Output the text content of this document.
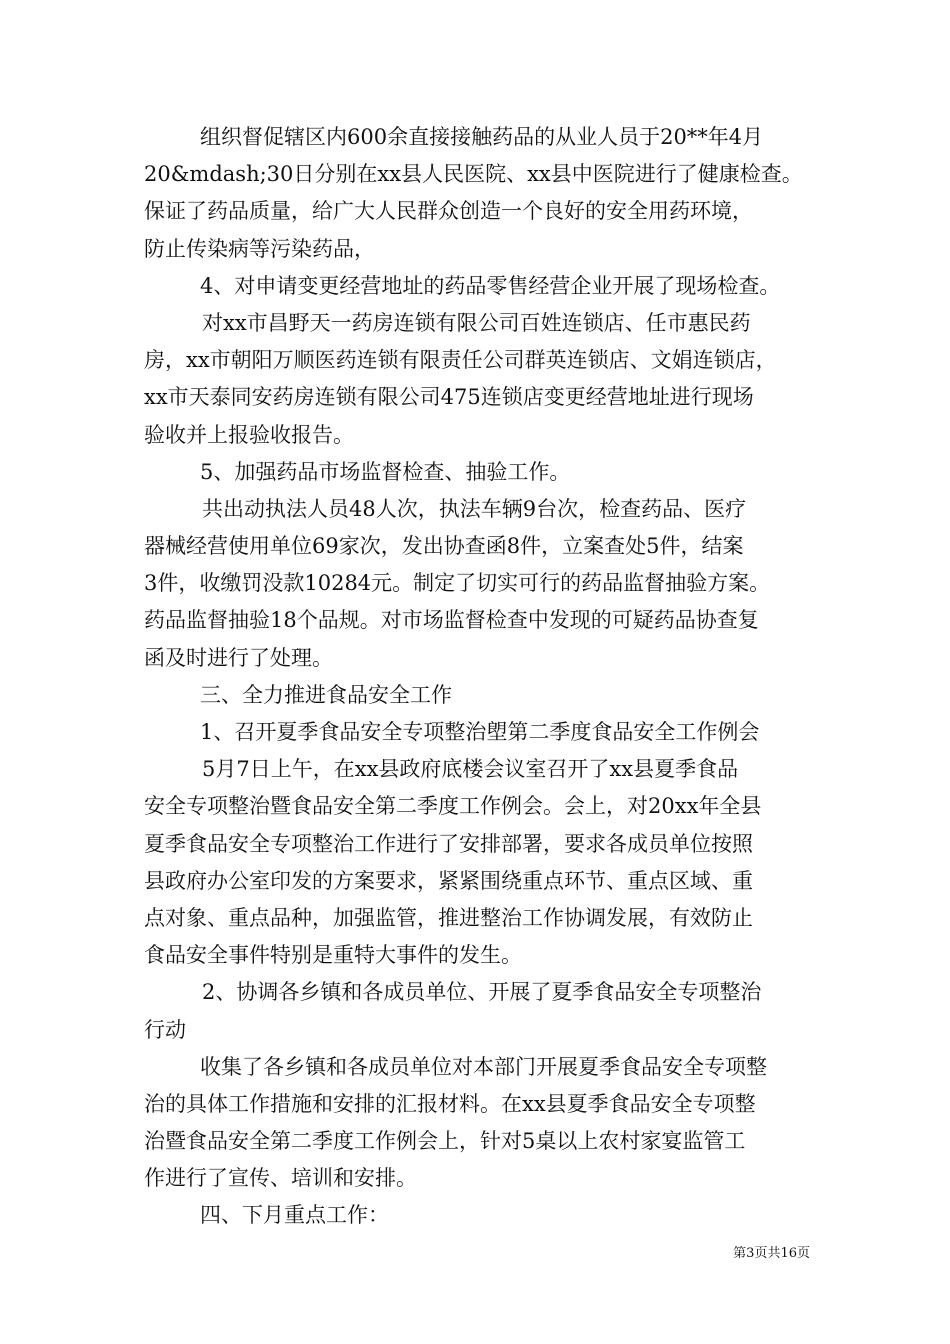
组织督促辖区内600余直接接触药品的从业人员于20**年4月
20&mdash;30日分别在xx县人民医院、xx县中医院进行了健康检查。
保证了药品质量，给广大人民群众创造一个良好的安全用药环境，
防止传染病等污染药品，
4、对申请变更经营地址的药品零售经营企业开展了现场检查。
对xx市昌野天一药房连锁有限公司百姓连锁店、任市惠民药
房，xx市朝阳万顺医药连锁有限责任公司群英连锁店、文娟连锁店，
xx市天泰同安药房连锁有限公司475连锁店变更经营地址进行现场
验收并上报验收报告。
5、加强药品市场监督检查、抽验工作。
共出动执法人员48人次，执法车辆9台次，检查药品、医疗
器械经营使用单位69家次，发出协查函8件，立案查处5件，结案
3件，收缴罚没款10284元。制定了切实可行的药品监督抽验方案。
药品监督抽验18个品规。对市场监督检查中发现的可疑药品协查复
函及时进行了处理。
三、全力推进食品安全工作
1、召开夏季食品安全专项整治塱第二季度食品安全工作例会
5月7日上午，在xx县政府底楼会议室召开了xx县夏季食品
安全专项整治暨食品安全第二季度工作例会。会上，对20xx年全县
夏季食品安全专项整治工作进行了安排部署，要求各成员单位按照
县政府办公室印发的方案要求，紧紧围绕重点环节、重点区域、重
点对象、重点品种，加强监管，推进整治工作协调发展，有效防止
食品安全事件特别是重特大事件的发生。
2、协调各乡镇和各成员单位、开展了夏季食品安全专项整治
行动
收集了各乡镇和各成员单位对本部门开展夏季食品安全专项整
治的具体工作措施和安排的汇报材料。在xx县夏季食品安全专项整
治暨食品安全第二季度工作例会上，针对5桌以上农村家宴监管工
作进行了宣传、培训和安排。
四、下月重点工作：
第3页共16页
